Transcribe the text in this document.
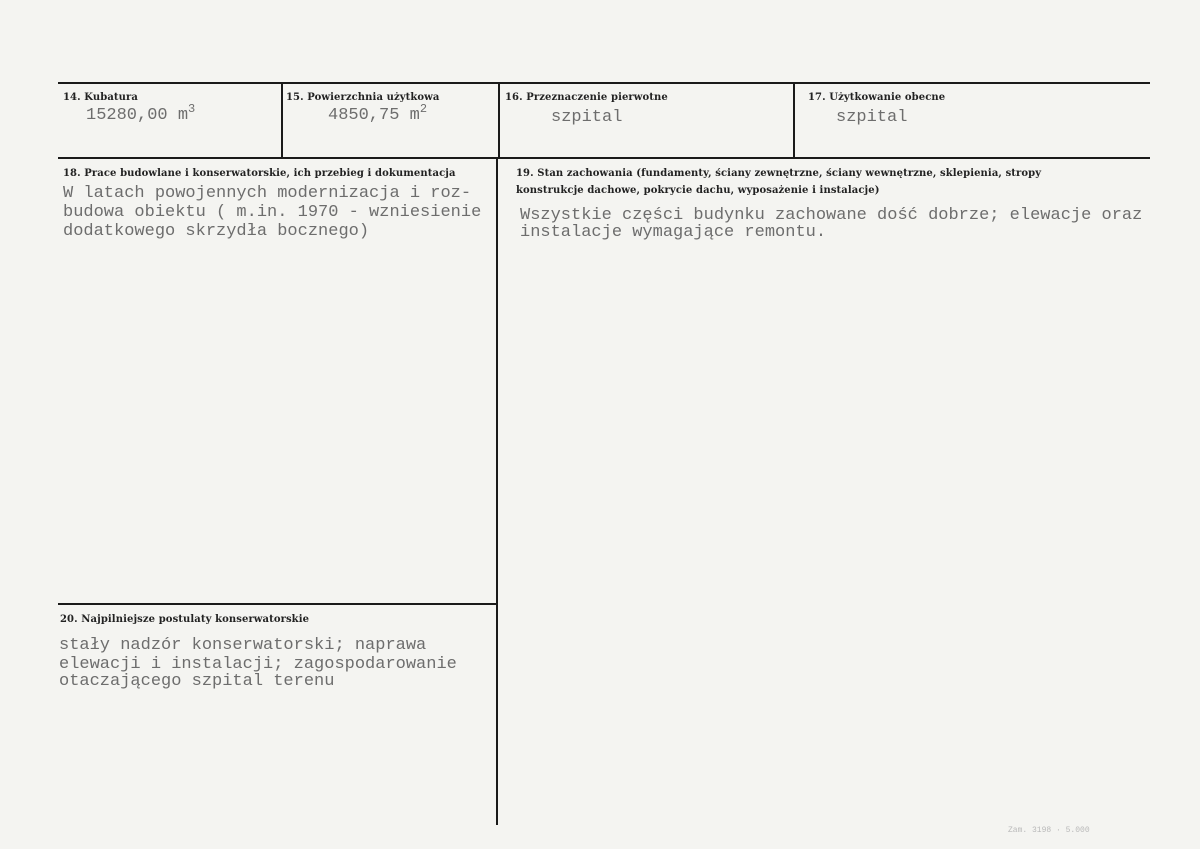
14. Kubatura
15280,00 $m^3$
15. Powierzchnia użytkowa
4850,75 $m^2$
16. Przeznaczenie pierwotne
szpital
17. Użytkowanie obecne
szpital
18. Prace budowlane i konserwatorskie, ich przebieg i dokumentacja
W latach powojennych modernizacja i roz-
budowa obiektu ( m.in. 1970 - wzniesienie
dodatkowego skrzydła bocznego)
19. Stan zachowania (fundamenty, ściany zewnętrzne, ściany wewnętrzne, sklepienia, stropy
konstrukcje dachowe, pokrycie dachu, wyposażenie i instalacje)
Wszystkie części budynku zachowane dość dobrze; elewacje oraz
instalacje wymagające remontu.
20. Najpilniejsze postulaty konserwatorskie
stały nadzór konserwatorski; naprawa
elewacji i instalacji; zagospodarowanie
otaczającego szpital terenu
Zam. 3198 · 5.000
